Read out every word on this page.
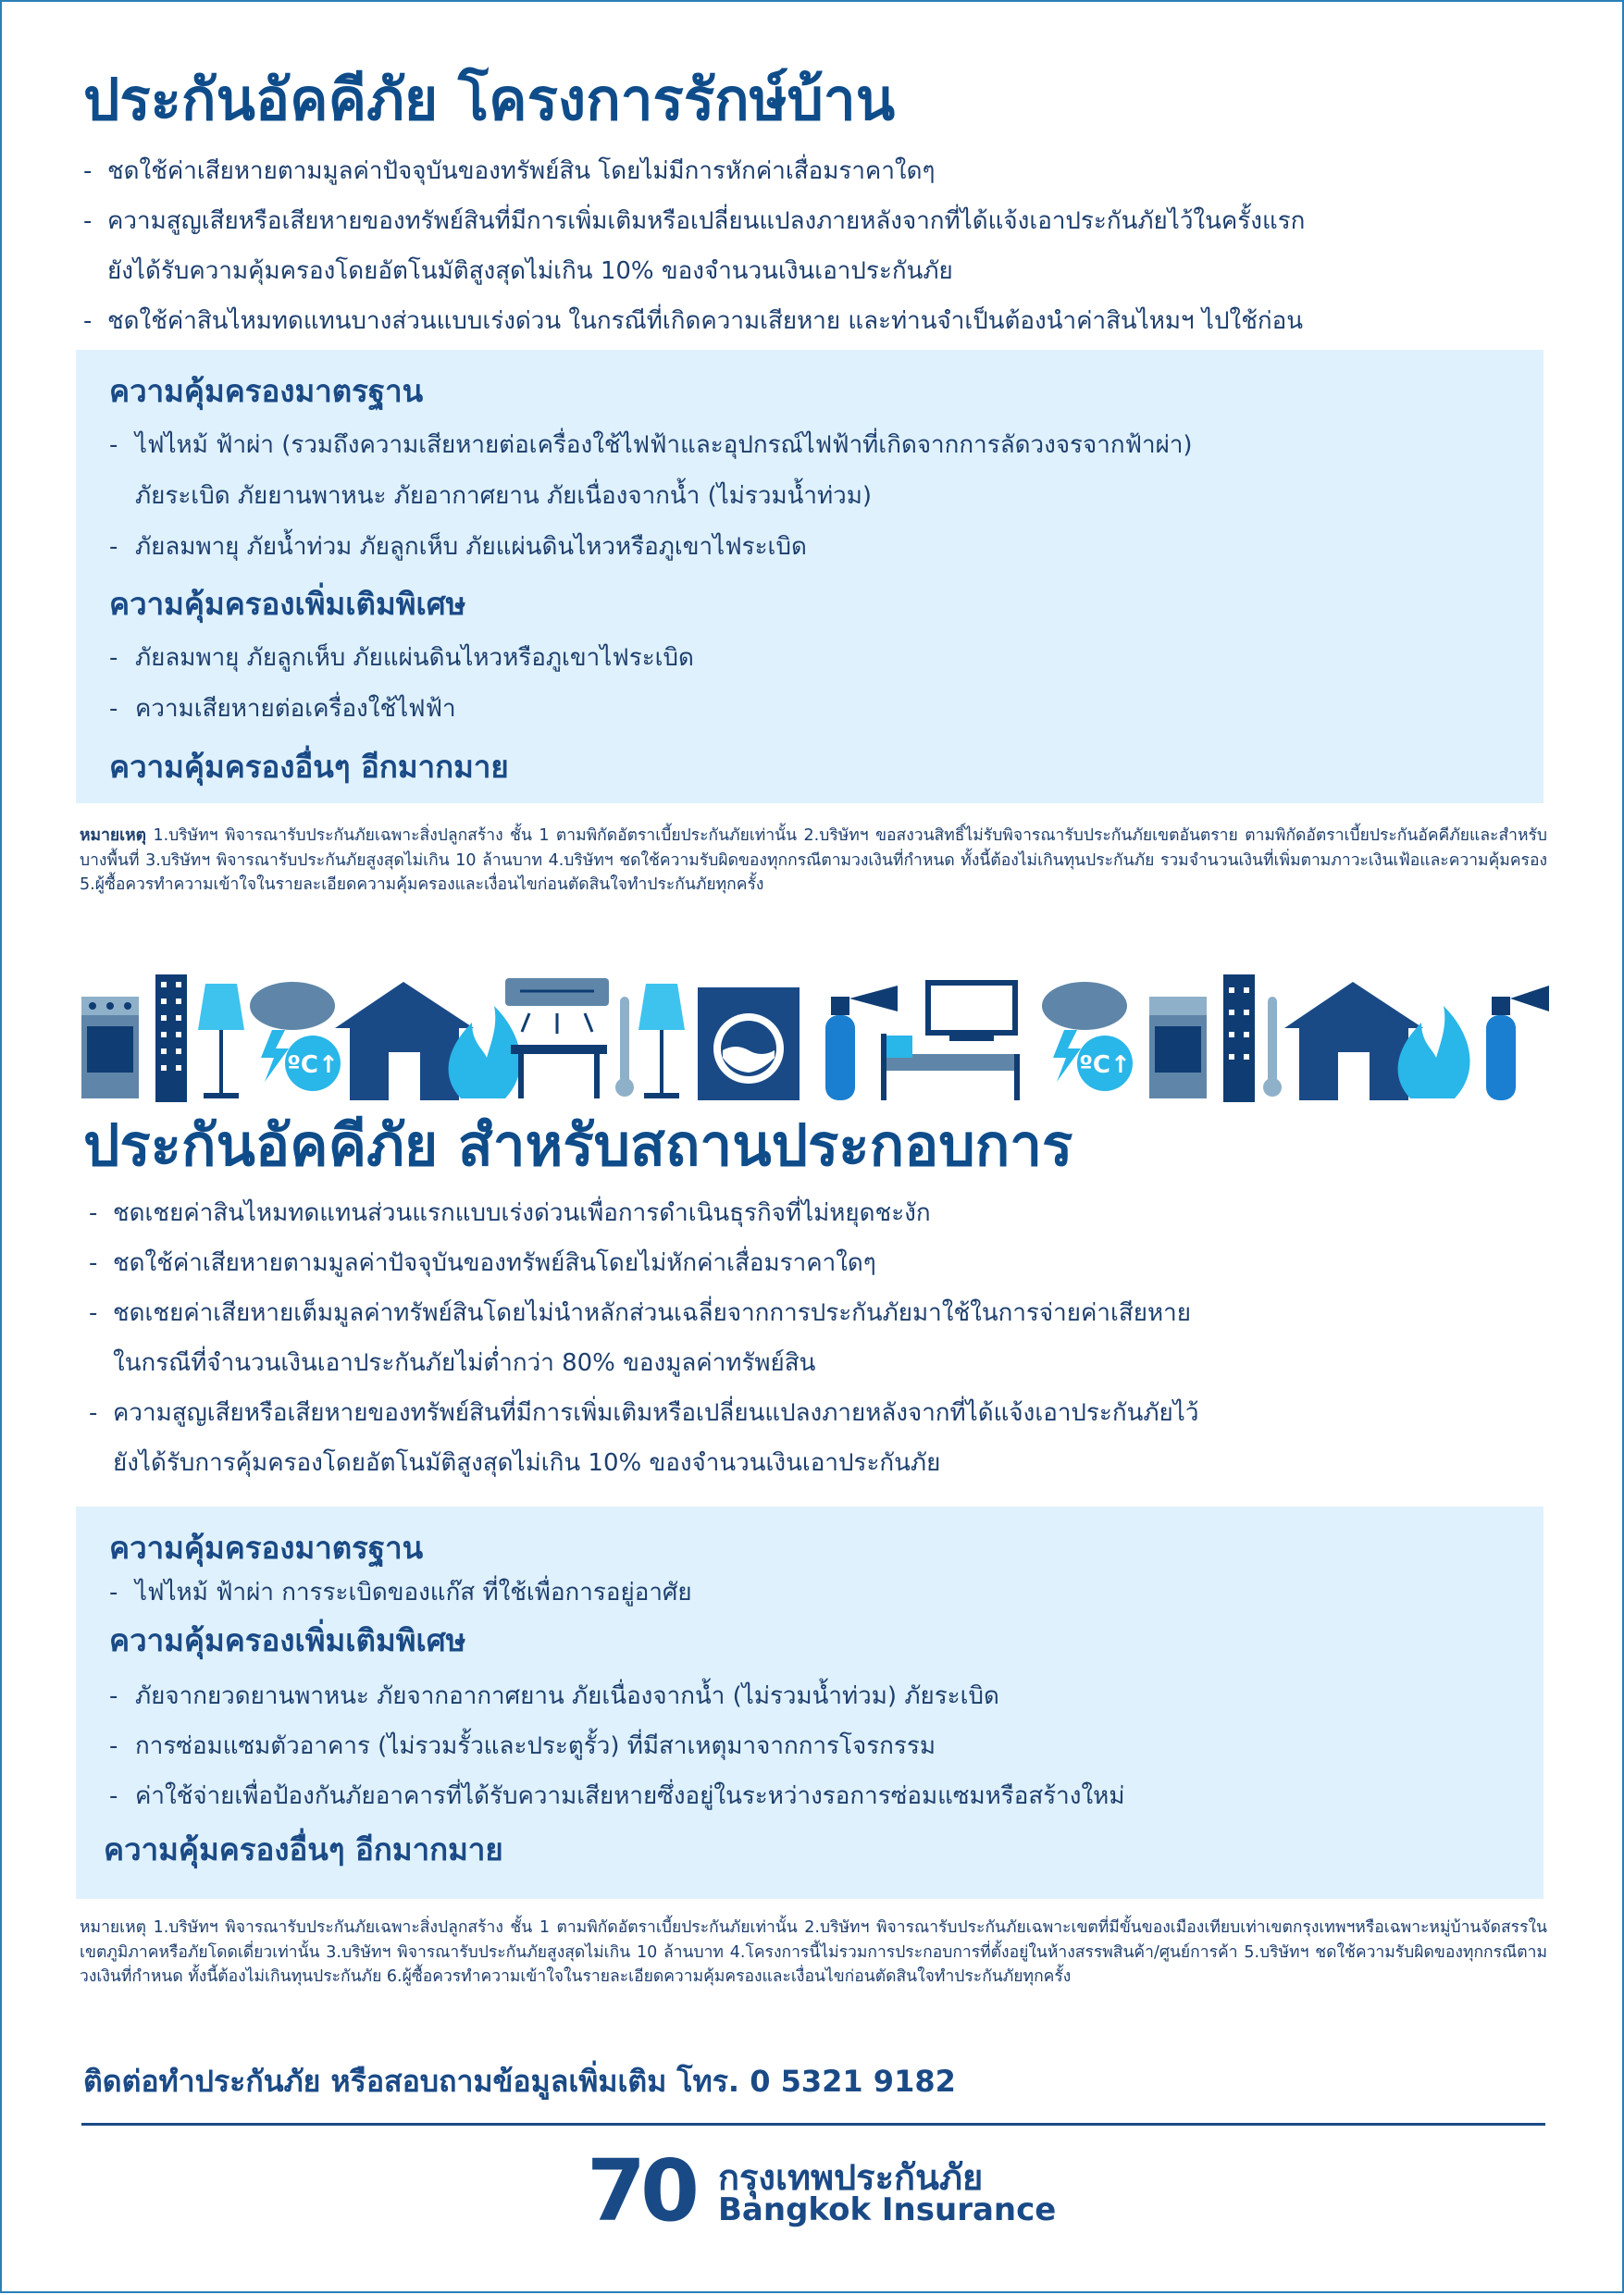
ประกันอัคคีภัย โครงการรักษ์บ้าน
- ชดใช้ค่าเสียหายตามมูลค่าปัจจุบันของทรัพย์สิน โดยไม่มีการหักค่าเสื่อมราคาใดๆ
- ความสูญเสียหรือเสียหายของทรัพย์สินที่มีการเพิ่มเติมหรือเปลี่ยนแปลงภายหลังจากที่ได้แจ้งเอาประกันภัยไว้ในครั้งแรก
ยังได้รับความคุ้มครองโดยอัตโนมัติสูงสุดไม่เกิน 10% ของจำนวนเงินเอาประกันภัย
- ชดใช้ค่าสินไหมทดแทนบางส่วนแบบเร่งด่วน ในกรณีที่เกิดความเสียหาย และท่านจำเป็นต้องนำค่าสินไหมฯ ไปใช้ก่อน
ความคุ้มครองมาตรฐาน
- ไฟไหม้ ฟ้าผ่า (รวมถึงความเสียหายต่อเครื่องใช้ไฟฟ้าและอุปกรณ์ไฟฟ้าที่เกิดจากการลัดวงจรจากฟ้าผ่า)
ภัยระเบิด ภัยยานพาหนะ ภัยอากาศยาน ภัยเนื่องจากน้ำ (ไม่รวมน้ำท่วม)
- ภัยลมพายุ ภัยน้ำท่วม ภัยลูกเห็บ ภัยแผ่นดินไหวหรือภูเขาไฟระเบิด
ความคุ้มครองเพิ่มเติมพิเศษ
- ภัยลมพายุ ภัยลูกเห็บ ภัยแผ่นดินไหวหรือภูเขาไฟระเบิด
- ความเสียหายต่อเครื่องใช้ไฟฟ้า
ความคุ้มครองอื่นๆ อีกมากมาย
หมายเหตุ 1.บริษัทฯ พิจารณารับประกันภัยเฉพาะสิ่งปลูกสร้าง ชั้น 1 ตามพิกัดอัตราเบี้ยประกันภัยเท่านั้น 2.บริษัทฯ ขอสงวนสิทธิ์ไม่รับพิจารณารับประกันภัยเขตอันตราย ตามพิกัดอัตราเบี้ยประกันอัคคีภัยและสำหรับบางพื้นที่ 3.บริษัทฯ พิจารณารับประกันภัยสูงสุดไม่เกิน 10 ล้านบาท 4.บริษัทฯ ชดใช้ความรับผิดของทุกกรณีตามวงเงินที่กำหนด ทั้งนี้ต้องไม่เกินทุนประกันภัย รวมจำนวนเงินที่เพิ่มตามภาวะเงินเฟ้อและความคุ้มครอง 5.ผู้ซื้อควรทำความเข้าใจในรายละเอียดความคุ้มครองและเงื่อนไขก่อนตัดสินใจทำประกันภัยทุกครั้ง
ºC↑	ºC↑
ประกันอัคคีภัย สำหรับสถานประกอบการ
- ชดเชยค่าสินไหมทดแทนส่วนแรกแบบเร่งด่วนเพื่อการดำเนินธุรกิจที่ไม่หยุดชะงัก
- ชดใช้ค่าเสียหายตามมูลค่าปัจจุบันของทรัพย์สินโดยไม่หักค่าเสื่อมราคาใดๆ
- ชดเชยค่าเสียหายเต็มมูลค่าทรัพย์สินโดยไม่นำหลักส่วนเฉลี่ยจากการประกันภัยมาใช้ในการจ่ายค่าเสียหาย
ในกรณีที่จำนวนเงินเอาประกันภัยไม่ต่ำกว่า 80% ของมูลค่าทรัพย์สิน
- ความสูญเสียหรือเสียหายของทรัพย์สินที่มีการเพิ่มเติมหรือเปลี่ยนแปลงภายหลังจากที่ได้แจ้งเอาประกันภัยไว้
ยังได้รับการคุ้มครองโดยอัตโนมัติสูงสุดไม่เกิน 10% ของจำนวนเงินเอาประกันภัย
ความคุ้มครองมาตรฐาน
- ไฟไหม้ ฟ้าผ่า การระเบิดของแก๊ส ที่ใช้เพื่อการอยู่อาศัย
ความคุ้มครองเพิ่มเติมพิเศษ
- ภัยจากยวดยานพาหนะ ภัยจากอากาศยาน ภัยเนื่องจากน้ำ (ไม่รวมน้ำท่วม) ภัยระเบิด
- การซ่อมแซมตัวอาคาร (ไม่รวมรั้วและประตูรั้ว) ที่มีสาเหตุมาจากการโจรกรรม
- ค่าใช้จ่ายเพื่อป้องกันภัยอาคารที่ได้รับความเสียหายซึ่งอยู่ในระหว่างรอการซ่อมแซมหรือสร้างใหม่
ความคุ้มครองอื่นๆ อีกมากมาย
หมายเหตุ 1.บริษัทฯ พิจารณารับประกันภัยเฉพาะสิ่งปลูกสร้าง ชั้น 1 ตามพิกัดอัตราเบี้ยประกันภัยเท่านั้น 2.บริษัทฯ พิจารณารับประกันภัยเฉพาะเขตที่มีขั้นของเมืองเทียบเท่าเขตกรุงเทพฯหรือเฉพาะหมู่บ้านจัดสรรในเขตภูมิภาคหรือภัยโดดเดี่ยวเท่านั้น 3.บริษัทฯ พิจารณารับประกันภัยสูงสุดไม่เกิน 10 ล้านบาท 4.โครงการนี้ไม่รวมการประกอบการที่ตั้งอยู่ในห้างสรรพสินค้า/ศูนย์การค้า 5.บริษัทฯ ชดใช้ความรับผิดของทุกกรณีตามวงเงินที่กำหนด ทั้งนี้ต้องไม่เกินทุนประกันภัย 6.ผู้ซื้อควรทำความเข้าใจในรายละเอียดความคุ้มครองและเงื่อนไขก่อนตัดสินใจทำประกันภัยทุกครั้ง
ติดต่อทำประกันภัย หรือสอบถามข้อมูลเพิ่มเติม โทร. 0 5321 9182
70 กรุงเทพประกันภัย
Bangkok Insurance
